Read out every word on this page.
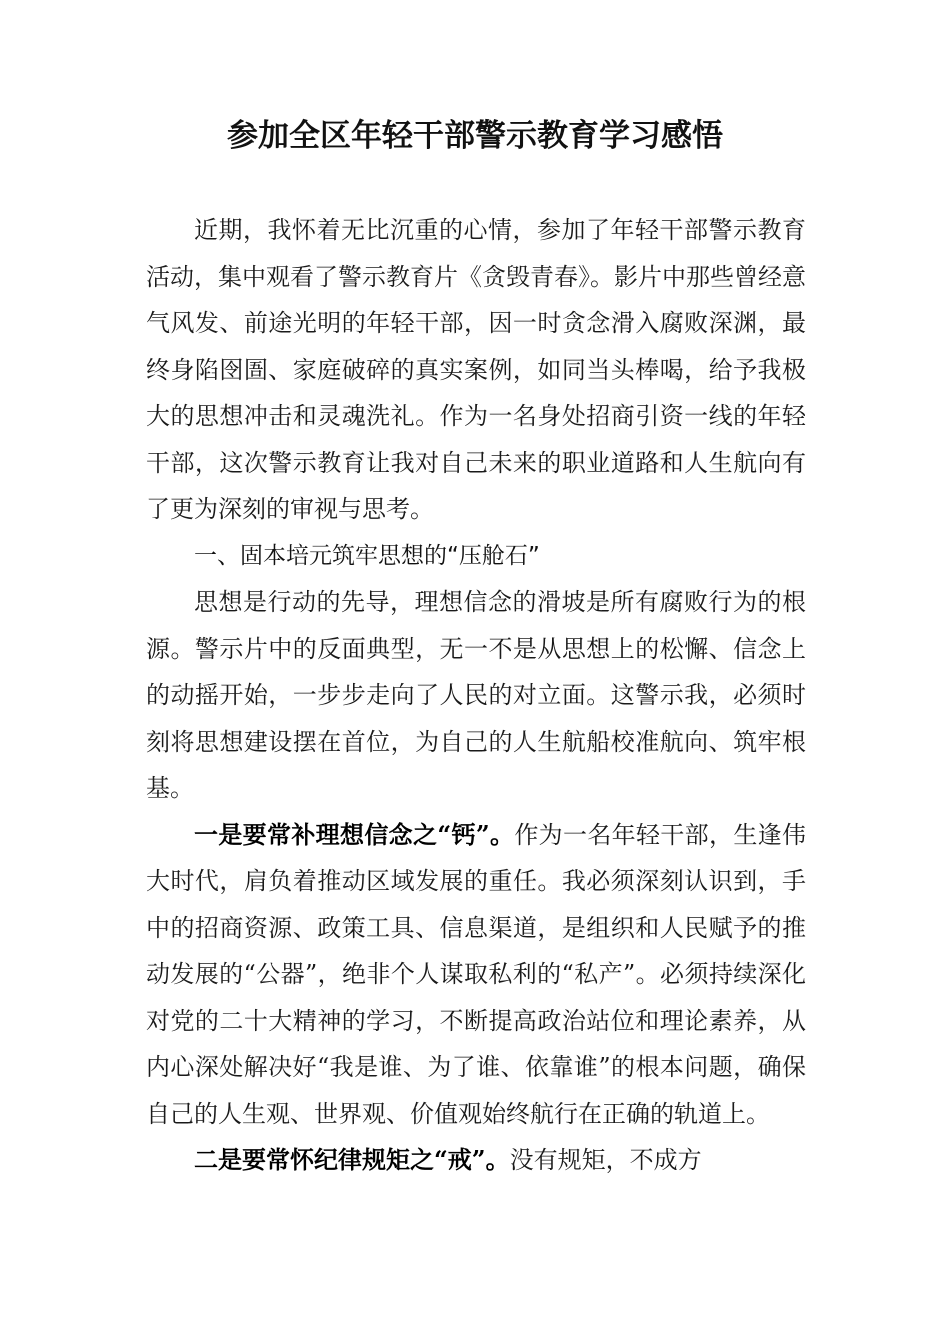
参加全区年轻干部警示教育学习感悟

近期，我怀着无比沉重的心情，参加了年轻干部警示教育活动，集中观看了警示教育片《贪毁青春》。影片中那些曾经意气风发、前途光明的年轻干部，因一时贪念滑入腐败深渊，最终身陷囹圄、家庭破碎的真实案例，如同当头棒喝，给予我极大的思想冲击和灵魂洗礼。作为一名身处招商引资一线的年轻干部，这次警示教育让我对自己未来的职业道路和人生航向有了更为深刻的审视与思考。

一、固本培元筑牢思想的“压舱石”

思想是行动的先导，理想信念的滑坡是所有腐败行为的根源。警示片中的反面典型，无一不是从思想上的松懈、信念上的动摇开始，一步步走向了人民的对立面。这警示我，必须时刻将思想建设摆在首位，为自己的人生航船校准航向、筑牢根基。

一是要常补理想信念之“钙”。作为一名年轻干部，生逢伟大时代，肩负着推动区域发展的重任。我必须深刻认识到，手中的招商资源、政策工具、信息渠道，是组织和人民赋予的推动发展的“公器”，绝非个人谋取私利的“私产”。必须持续深化对党的二十大精神的学习，不断提高政治站位和理论素养，从内心深处解决好“我是谁、为了谁、依靠谁”的根本问题，确保自己的人生观、世界观、价值观始终航行在正确的轨道上。

二是要常怀纪律规矩之“戒”。没有规矩，不成方
